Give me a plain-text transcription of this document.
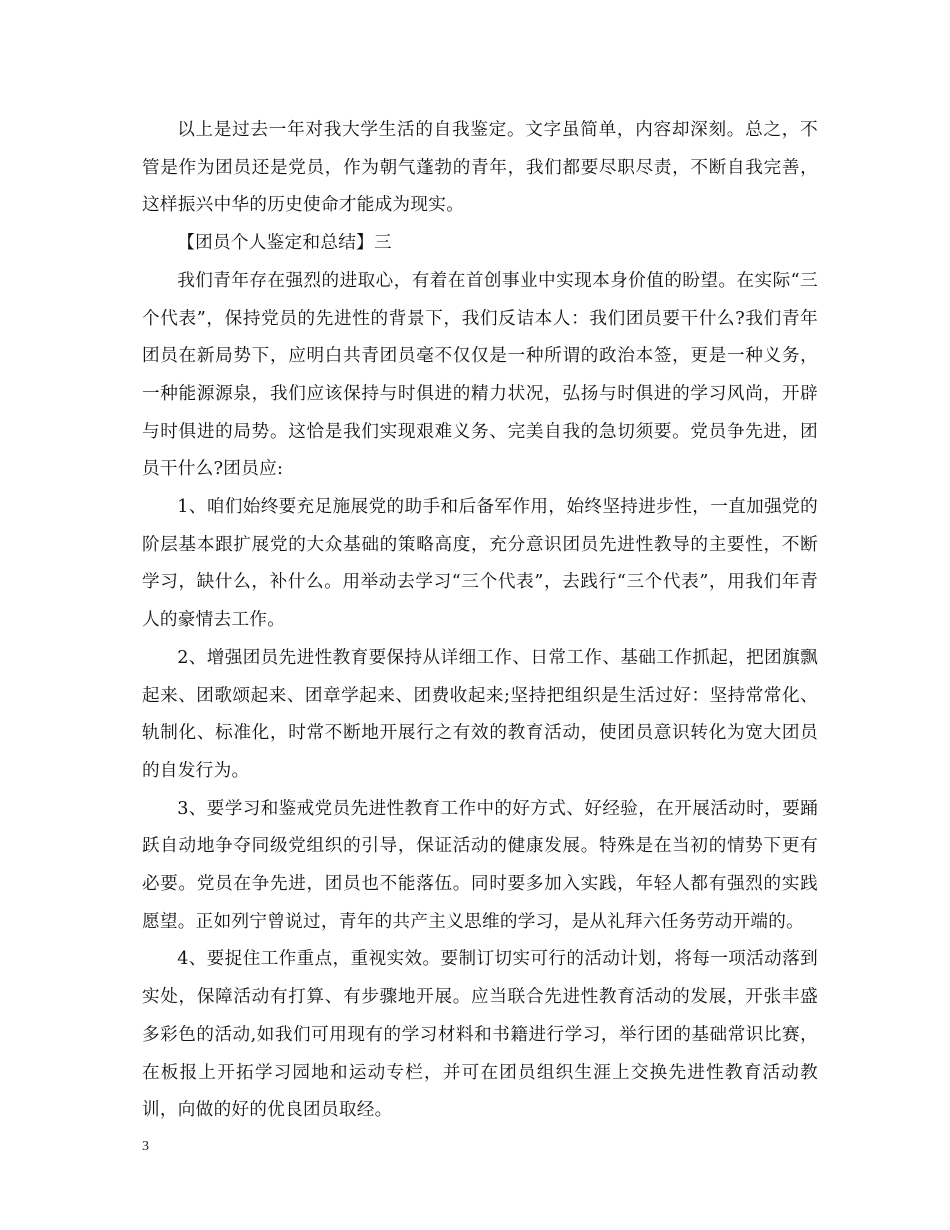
以上是过去一年对我大学生活的自我鉴定。文字虽简单，内容却深刻。总之，不管是作为团员还是党员，作为朝气蓬勃的青年，我们都要尽职尽责，不断自我完善，这样振兴中华的历史使命才能成为现实。

【团员个人鉴定和总结】三

我们青年存在强烈的进取心，有着在首创事业中实现本身价值的盼望。在实际“三个代表”，保持党员的先进性的背景下，我们反诘本人：我们团员要干什么?我们青年团员在新局势下，应明白共青团员毫不仅仅是一种所谓的政治本签，更是一种义务，一种能源源泉，我们应该保持与时俱进的精力状况，弘扬与时俱进的学习风尚，开辟与时俱进的局势。这恰是我们实现艰难义务、完美自我的急切须要。党员争先进，团员干什么?团员应:

1、咱们始终要充足施展党的助手和后备军作用，始终坚持进步性，一直加强党的阶层基本跟扩展党的大众基础的策略高度，充分意识团员先进性教导的主要性，不断学习，缺什么，补什么。用举动去学习“三个代表”，去践行“三个代表”，用我们年青人的豪情去工作。

2、增强团员先进性教育要保持从详细工作、日常工作、基础工作抓起，把团旗飘起来、团歌颂起来、团章学起来、团费收起来;坚持把组织是生活过好：坚持常常化、轨制化、标准化，时常不断地开展行之有效的教育活动，使团员意识转化为宽大团员的自发行为。

3、要学习和鉴戒党员先进性教育工作中的好方式、好经验，在开展活动时，要踊跃自动地争夺同级党组织的引导，保证活动的健康发展。特殊是在当初的情势下更有必要。党员在争先进，团员也不能落伍。同时要多加入实践，年轻人都有强烈的实践愿望。正如列宁曾说过，青年的共产主义思维的学习，是从礼拜六任务劳动开端的。

4、要捉住工作重点，重视实效。要制订切实可行的活动计划，将每一项活动落到实处，保障活动有打算、有步骤地开展。应当联合先进性教育活动的发展，开张丰盛多彩色的活动,如我们可用现有的学习材料和书籍进行学习，举行团的基础常识比赛，在板报上开拓学习园地和运动专栏，并可在团员组织生涯上交换先进性教育活动教训，向做的好的优良团员取经。

3
